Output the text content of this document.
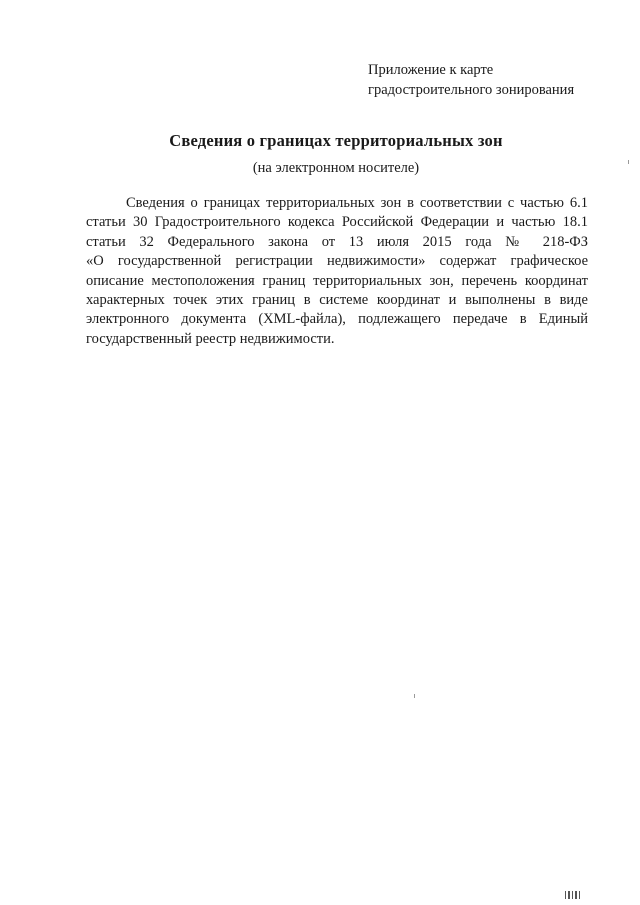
Приложение к карте
градостроительного зонирования
Сведения о границах территориальных зон
(на электронном носителе)
Сведения о границах территориальных зон в соответствии с частью 6.1
статьи 30 Градостроительного кодекса Российской Федерации и частью 18.1
статьи 32 Федерального закона от 13 июля 2015 года № 218-ФЗ
«О государственной регистрации недвижимости» содержат графическое
описание местоположения границ территориальных зон, перечень координат
характерных точек этих границ в системе координат и выполнены в виде
электронного документа (XML-файла), подлежащего передаче в Единый
государственный реестр недвижимости.
